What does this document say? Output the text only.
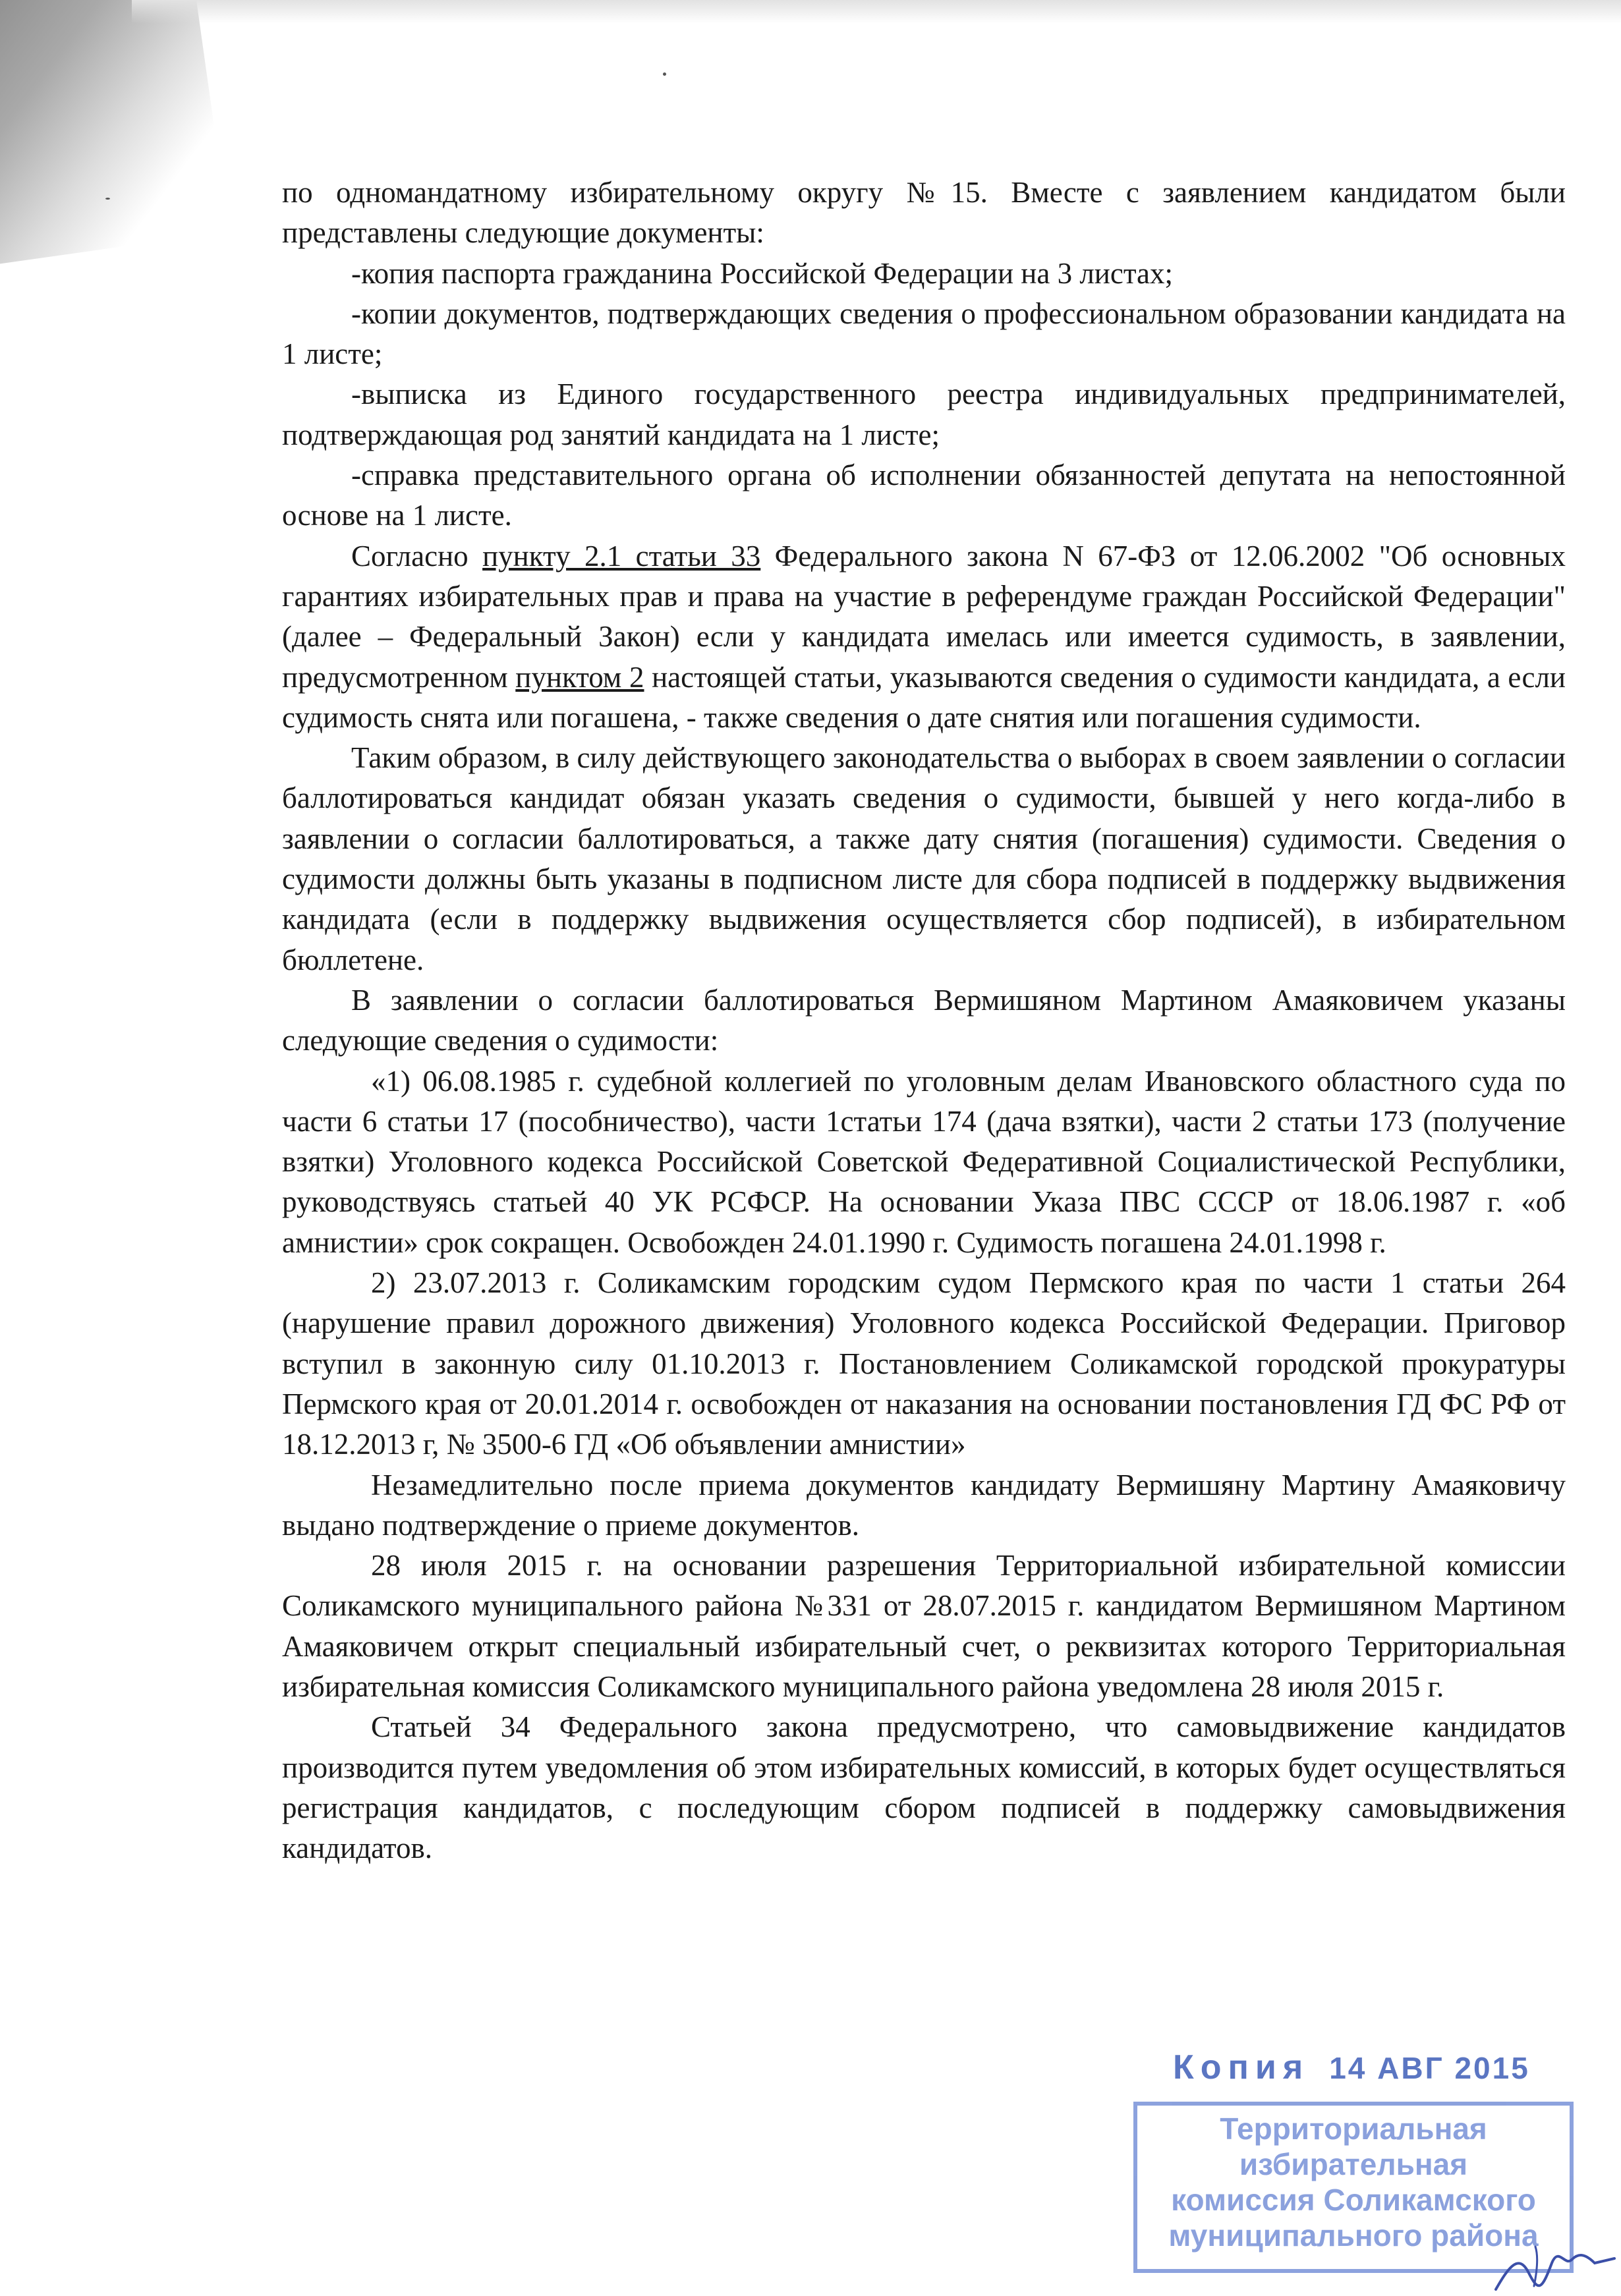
по одномандатному избирательному округу №15. Вместе с заявлением кандидатом были представлены следующие документы:

-копия паспорта гражданина Российской Федерации на 3 листах;

-копии документов, подтверждающих сведения о профессиональном образовании кандидата на 1 листе;

-выписка из Единого государственного реестра индивидуальных предпринимателей, подтверждающая род занятий кандидата на 1 листе;

-справка представительного органа об исполнении обязанностей депутата на непостоянной основе на 1 листе.

Согласно пункту 2.1 статьи 33 Федерального закона N 67-ФЗ от 12.06.2002 "Об основных гарантиях избирательных прав и права на участие в референдуме граждан Российской Федерации" (далее – Федеральный Закон) если у кандидата имелась или имеется судимость, в заявлении, предусмотренном пунктом 2 настоящей статьи, указываются сведения о судимости кандидата, а если судимость снята или погашена, - также сведения о дате снятия или погашения судимости.

Таким образом, в силу действующего законодательства о выборах в своем заявлении о согласии баллотироваться кандидат обязан указать сведения о судимости, бывшей у него когда-либо в заявлении о согласии баллотироваться, а также дату снятия (погашения) судимости. Сведения о судимости должны быть указаны в подписном листе для сбора подписей в поддержку выдвижения кандидата (если в поддержку выдвижения осуществляется сбор подписей), в избирательном бюллетене.

В заявлении о согласии баллотироваться Вермишяном Мартином Амаяковичем указаны следующие сведения о судимости:

«1) 06.08.1985 г. судебной коллегией по уголовным делам Ивановского областного суда по части 6 статьи 17 (пособничество), части 1статьи 174 (дача взятки), части 2 статьи 173 (получение взятки) Уголовного кодекса Российской Советской Федеративной Социалистической Республики, руководствуясь статьей 40 УК РСФСР. На основании Указа ПВС СССР от 18.06.1987 г. «об амнистии» срок сокращен. Освобожден 24.01.1990 г. Судимость погашена 24.01.1998 г.

2) 23.07.2013 г. Соликамским городским судом Пермского края по части 1 статьи 264 (нарушение правил дорожного движения) Уголовного кодекса Российской Федерации. Приговор вступил в законную силу 01.10.2013 г. Постановлением Соликамской городской прокуратуры Пермского края от 20.01.2014 г. освобожден от наказания на основании постановления ГД ФС РФ от 18.12.2013 г, № 3500-6 ГД «Об объявлении амнистии»

Незамедлительно после приема документов кандидату Вермишяну Мартину Амаяковичу выдано подтверждение о приеме документов.

28 июля 2015 г. на основании разрешения Территориальной избирательной комиссии Соликамского муниципального района №331 от 28.07.2015 г. кандидатом Вермишяном Мартином Амаяковичем открыт специальный избирательный счет, о реквизитах которого Территориальная избирательная комиссия Соликамского муниципального района уведомлена 28 июля 2015 г.

Статьей 34 Федерального закона предусмотрено, что самовыдвижение кандидатов производится путем уведомления об этом избирательных комиссий, в которых будет осуществляться регистрация кандидатов, с последующим сбором подписей в поддержку самовыдвижения кандидатов.

Копия 14 АВГ 2015
Территориальная
избирательная
комиссия Соликамского
муниципального района
